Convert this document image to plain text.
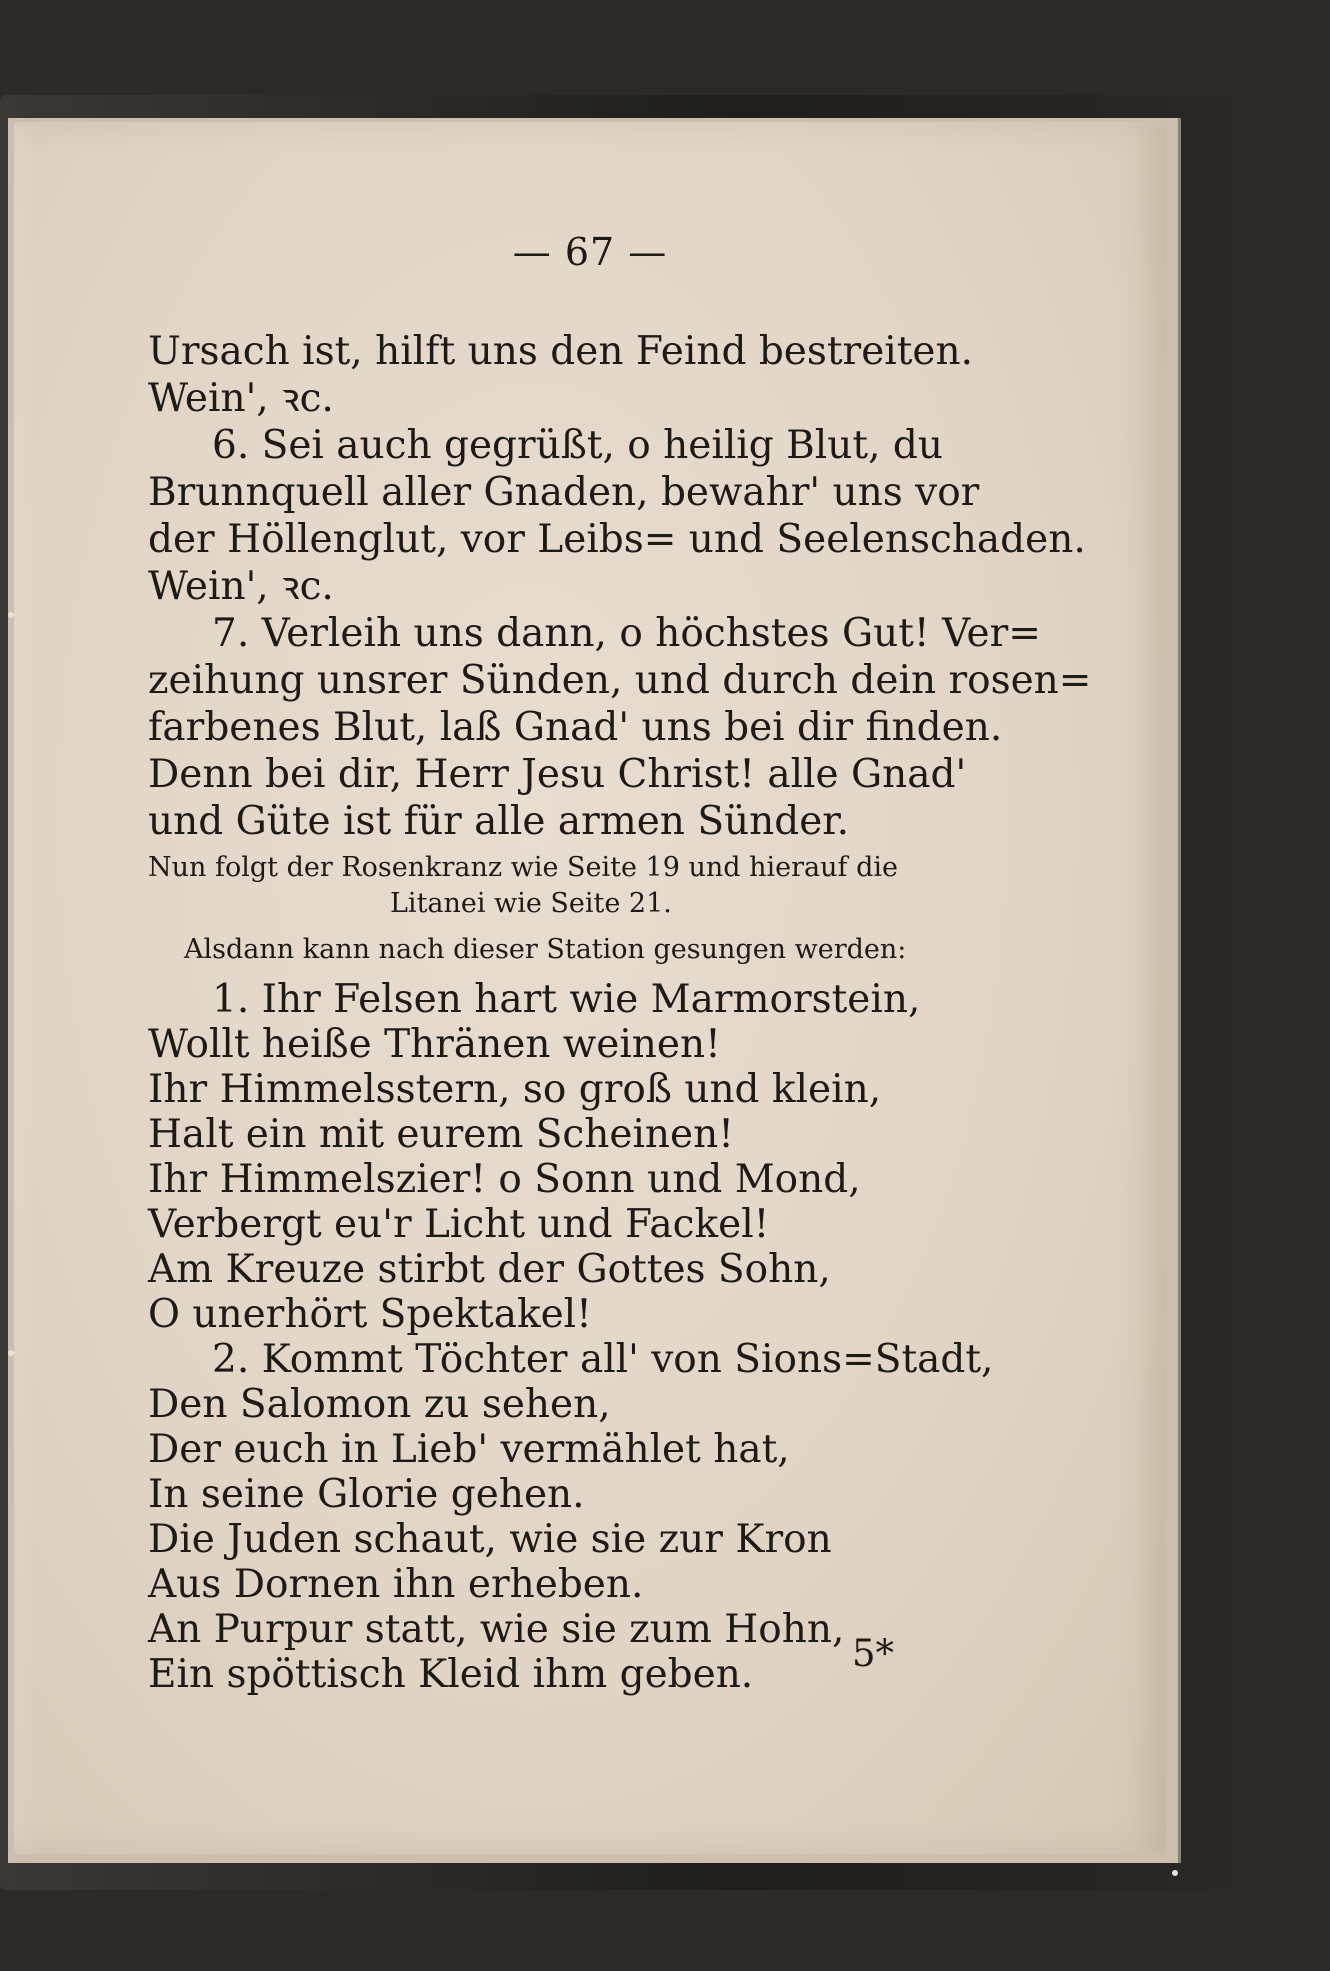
— 67 —
Ursach ist, hilft uns den Feind bestreiten.
Wein', ꝛc.
6. Sei auch gegrüßt, o heilig Blut, du
Brunnquell aller Gnaden, bewahr' uns vor
der Höllenglut, vor Leibs= und Seelenschaden.
Wein', ꝛc.
7. Verleih uns dann, o höchstes Gut! Ver=
zeihung unsrer Sünden, und durch dein rosen=
farbenes Blut, laß Gnad' uns bei dir finden.
Denn bei dir, Herr Jesu Christ! alle Gnad'
und Güte ist für alle armen Sünder.
Nun folgt der Rosenkranz wie Seite 19 und hierauf die
Litanei wie Seite 21.
Alsdann kann nach dieser Station gesungen werden:
1. Ihr Felsen hart wie Marmorstein,
Wollt heiße Thränen weinen!
Ihr Himmelsstern, so groß und klein,
Halt ein mit eurem Scheinen!
Ihr Himmelszier! o Sonn und Mond,
Verbergt eu'r Licht und Fackel!
Am Kreuze stirbt der Gottes Sohn,
O unerhört Spektakel!
2. Kommt Töchter all' von Sions=Stadt,
Den Salomon zu sehen,
Der euch in Lieb' vermählet hat,
In seine Glorie gehen.
Die Juden schaut, wie sie zur Kron
Aus Dornen ihn erheben.
An Purpur statt, wie sie zum Hohn,
Ein spöttisch Kleid ihm geben.	5*
